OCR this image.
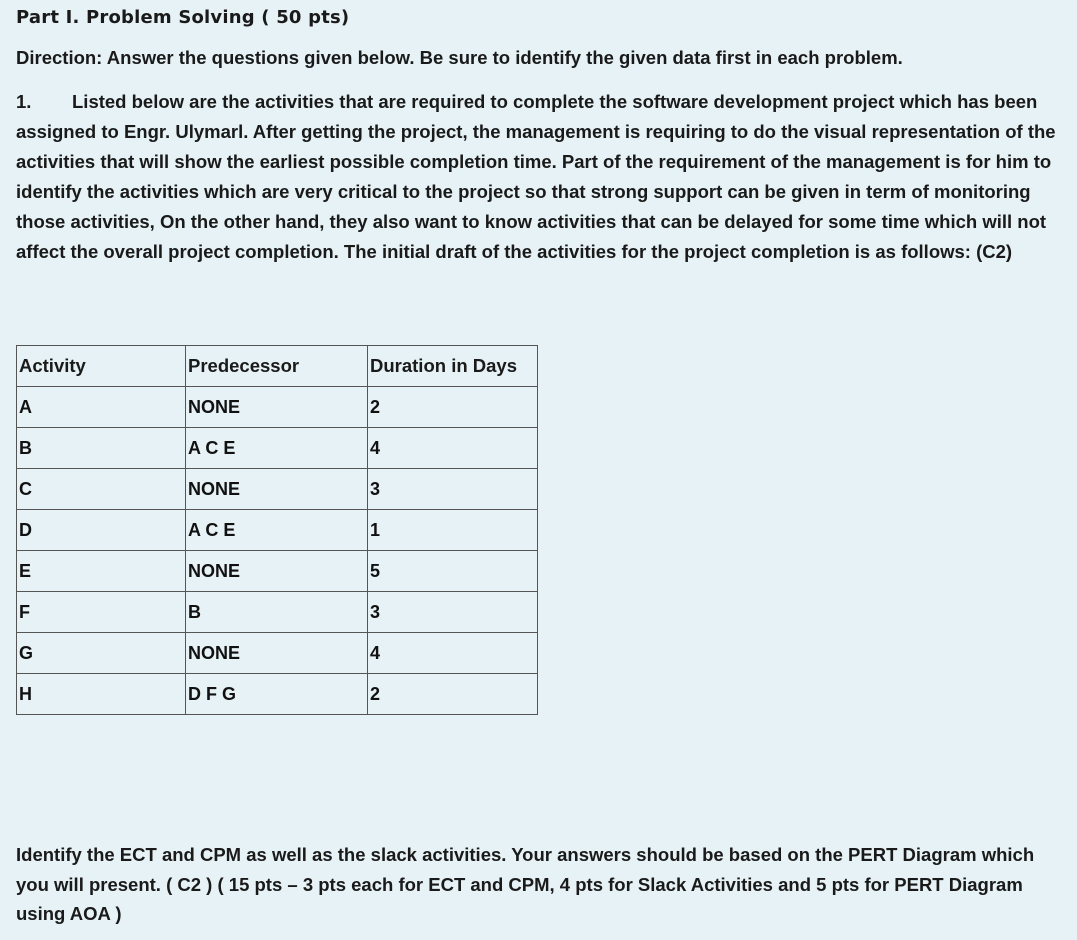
Part I. Problem Solving ( 50 pts)
Direction: Answer the questions given below. Be sure to identify the given data first in each problem.

1. Listed below are the activities that are required to complete the software development project which has been assigned to Engr. Ulymarl. After getting the project, the management is requiring to do the visual representation of the activities that will show the earliest possible completion time. Part of the requirement of the management is for him to identify the activities which are very critical to the project so that strong support can be given in term of monitoring those activities, On the other hand, they also want to know activities that can be delayed for some time which will not affect the overall project completion. The initial draft of the activities for the project completion is as follows: (C2)

Activity	Predecessor	Duration in Days
A	NONE	2
B	A C E	4
C	NONE	3
D	A C E	1
E	NONE	5
F	B	3
G	NONE	4
H	D F G	2

Identify the ECT and CPM as well as the slack activities. Your answers should be based on the PERT Diagram which you will present. ( C2 ) ( 15 pts – 3 pts each for ECT and CPM, 4 pts for Slack Activities and 5 pts for PERT Diagram using AOA )
